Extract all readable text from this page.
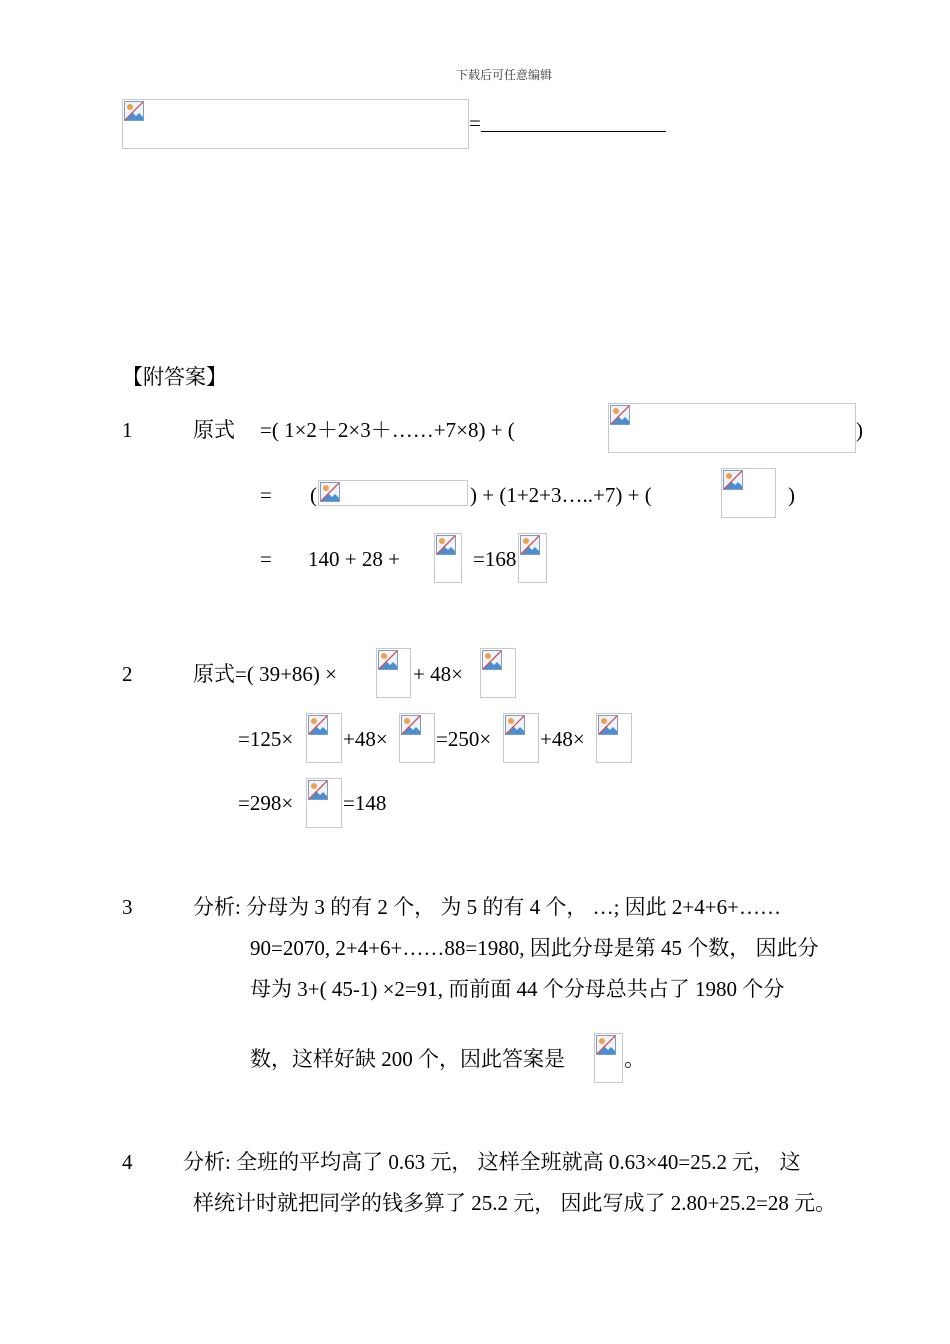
下载后可任意编辑
=
【附答案】
1	原式 =( 1×2＋2×3＋……+7×8) + (	)
= (	) + (1+2+3…..+7) + (	)
= 140 + 28 +	=168
2	原式=( 39+86) ×	+ 48×
=125× +48× =250× +48×
=298× =148
3	分析: 分母为 3 的有 2 个， 为 5 的有 4 个， …; 因此 2+4+6+……
90=2070, 2+4+6+……88=1980, 因此分母是第 45 个数， 因此分
母为 3+( 45-1) ×2=91, 而前面 44 个分母总共占了 1980 个分
数，这样好缺 200 个，因此答案是	。
4 分析: 全班的平均高了 0.63 元， 这样全班就高 0.63×40=25.2 元， 这
样统计时就把同学的钱多算了 25.2 元， 因此写成了 2.80+25.2=28 元。
